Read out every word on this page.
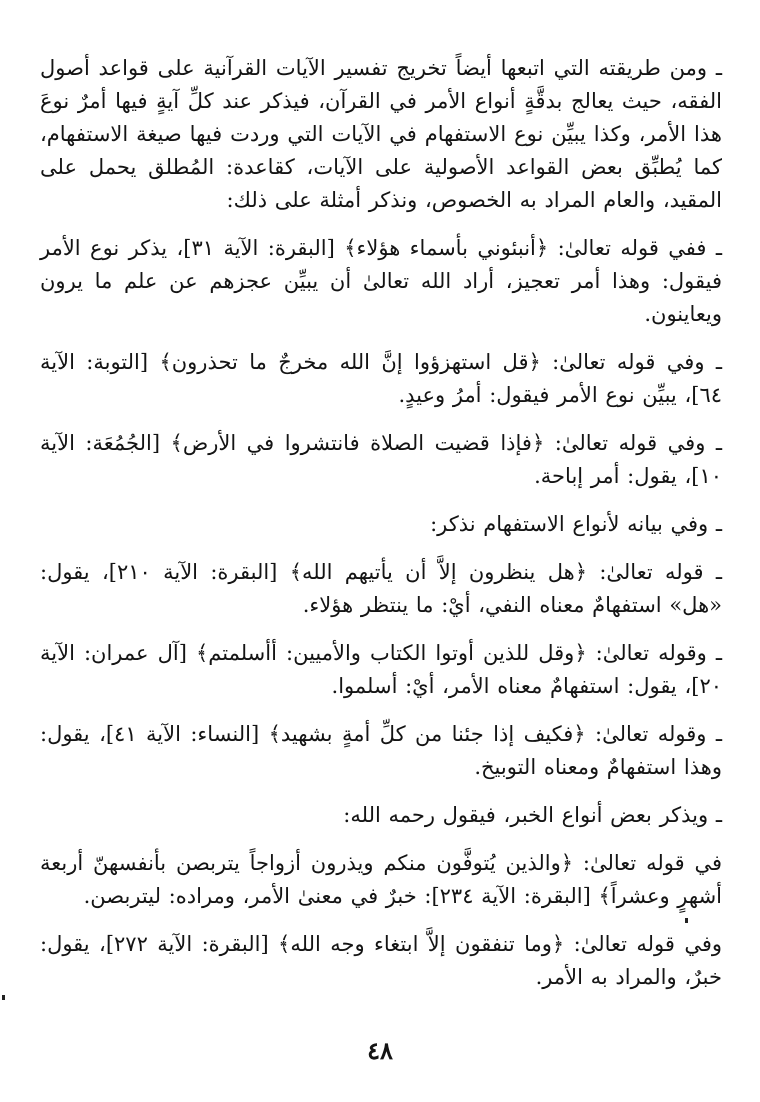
ـ ومن طريقته التي اتبعها أيضاً تخريج تفسير الآيات القرآنية على قواعد أصول الفقه، حيث يعالج بدقَّةٍ أنواع الأمر في القرآن، فيذكر عند كلِّ آيةٍ فيها أمرٌ نوعَ هذا الأمر، وكذا يبيِّن نوع الاستفهام في الآيات التي وردت فيها صيغة الاستفهام، كما يُطبِّق بعض القواعد الأصولية على الآيات، كقاعدة: المُطلق يحمل على المقيد، والعام المراد به الخصوص، ونذكر أمثلة على ذلك:

ـ ففي قوله تعالىٰ: ﴿أنبئوني بأسماء هؤلاء﴾ [البقرة: الآية ٣١]، يذكر نوع الأمر فيقول: وهذا أمر تعجيز، أراد الله تعالىٰ أن يبيِّن عجزهم عن علم ما يرون ويعاينون.

ـ وفي قوله تعالىٰ: ﴿قل استهزؤوا إنَّ الله مخرجٌ ما تحذرون﴾ [التوبة: الآية ٦٤]، يبيِّن نوع الأمر فيقول: أمرُ وعيدٍ.

ـ وفي قوله تعالىٰ: ﴿فإذا قضيت الصلاة فانتشروا في الأرض﴾ [الجُمُعَة: الآية ١٠]، يقول: أمر إباحة.

ـ وفي بيانه لأنواع الاستفهام نذكر:

ـ قوله تعالىٰ: ﴿هل ينظرون إلاَّ أن يأتيهم الله﴾ [البقرة: الآية ٢١٠]، يقول: «هل» استفهامٌ معناه النفي، أيْ: ما ينتظر هؤلاء.

ـ وقوله تعالىٰ: ﴿وقل للذين أوتوا الكتاب والأميين: أأسلمتم﴾ [آل عمران: الآية ٢٠]، يقول: استفهامٌ معناه الأمر، أيْ: أسلموا.

ـ وقوله تعالىٰ: ﴿فكيف إذا جئنا من كلِّ أمةٍ بشهيد﴾ [النساء: الآية ٤١]، يقول: وهذا استفهامٌ ومعناه التوبيخ.

ـ ويذكر بعض أنواع الخبر، فيقول رحمه الله:

في قوله تعالىٰ: ﴿والذين يُتوفَّون منكم ويذرون أزواجاً يتربصن بأنفسهنّ أربعة أشهرٍ وعشراً﴾ [البقرة: الآية ٢٣٤]: خبرٌ في معنىٰ الأمر، ومراده: ليتربصن.

وفي قوله تعالىٰ: ﴿وما تنفقون إلاَّ ابتغاء وجه الله﴾ [البقرة: الآية ٢٧٢]، يقول: خبرٌ، والمراد به الأمر.

٤٨
